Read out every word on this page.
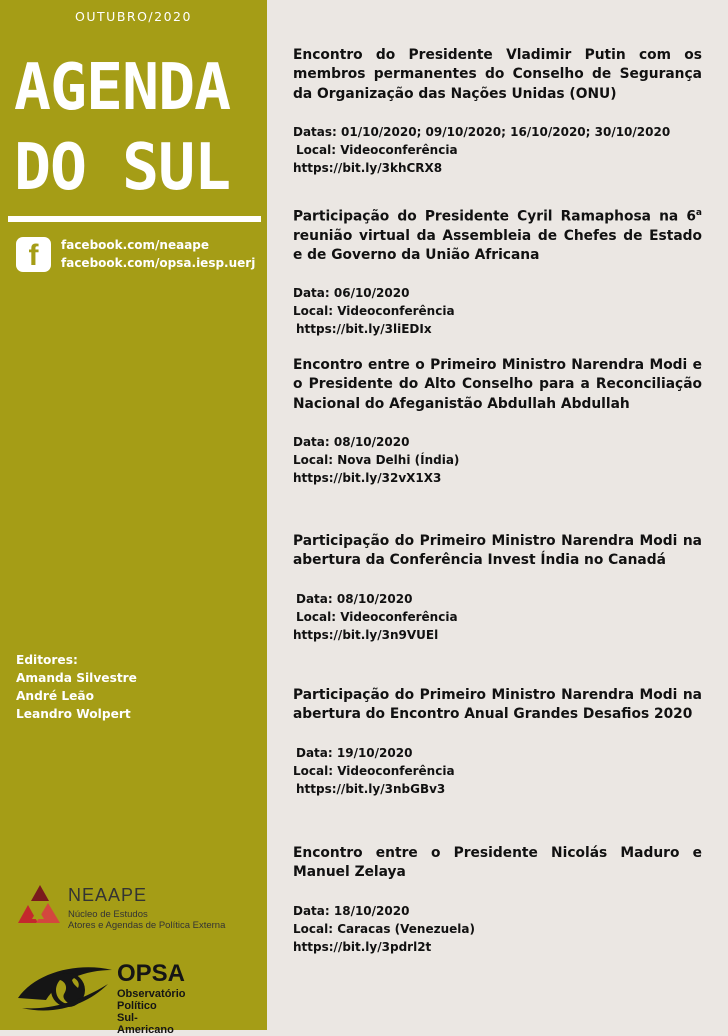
OUTUBRO/2020
AGENDA
DO SUL
f	facebook.com/neaape
facebook.com/opsa.iesp.uerj
Editores:
Amanda Silvestre
André Leão
Leandro Wolpert
NEAAPE
Núcleo de Estudos
Atores e Agendas de Política Externa
OPSA
Observatório Político
Sul-Americano
Encontro do Presidente Vladimir Putin com os membros permanentes do Conselho de Segurança da Organização das Nações Unidas (ONU)
Datas: 01/10/2020; 09/10/2020; 16/10/2020; 30/10/2020
Local: Videoconferência
https://bit.ly/3khCRX8
Participação do Presidente Cyril Ramaphosa na 6$^a$ reunião virtual da Assembleia de Chefes de Estado e de Governo da União Africana
Data: 06/10/2020
Local: Videoconferência
https://bit.ly/3liEDIx
Encontro entre o Primeiro Ministro Narendra Modi e o Presidente do Alto Conselho para a Reconciliação Nacional do Afeganistão Abdullah Abdullah
Data: 08/10/2020
Local: Nova Delhi (Índia)
https://bit.ly/32vX1X3
Participação do Primeiro Ministro Narendra Modi na abertura da Conferência Invest Índia no Canadá
Data: 08/10/2020
Local: Videoconferência
https://bit.ly/3n9VUEl
Participação do Primeiro Ministro Narendra Modi na abertura do Encontro Anual Grandes Desafios 2020
Data: 19/10/2020
Local: Videoconferência
https://bit.ly/3nbGBv3
Encontro entre o Presidente Nicolás Maduro e Manuel Zelaya
Data: 18/10/2020
Local: Caracas (Venezuela)
https://bit.ly/3pdrl2t
